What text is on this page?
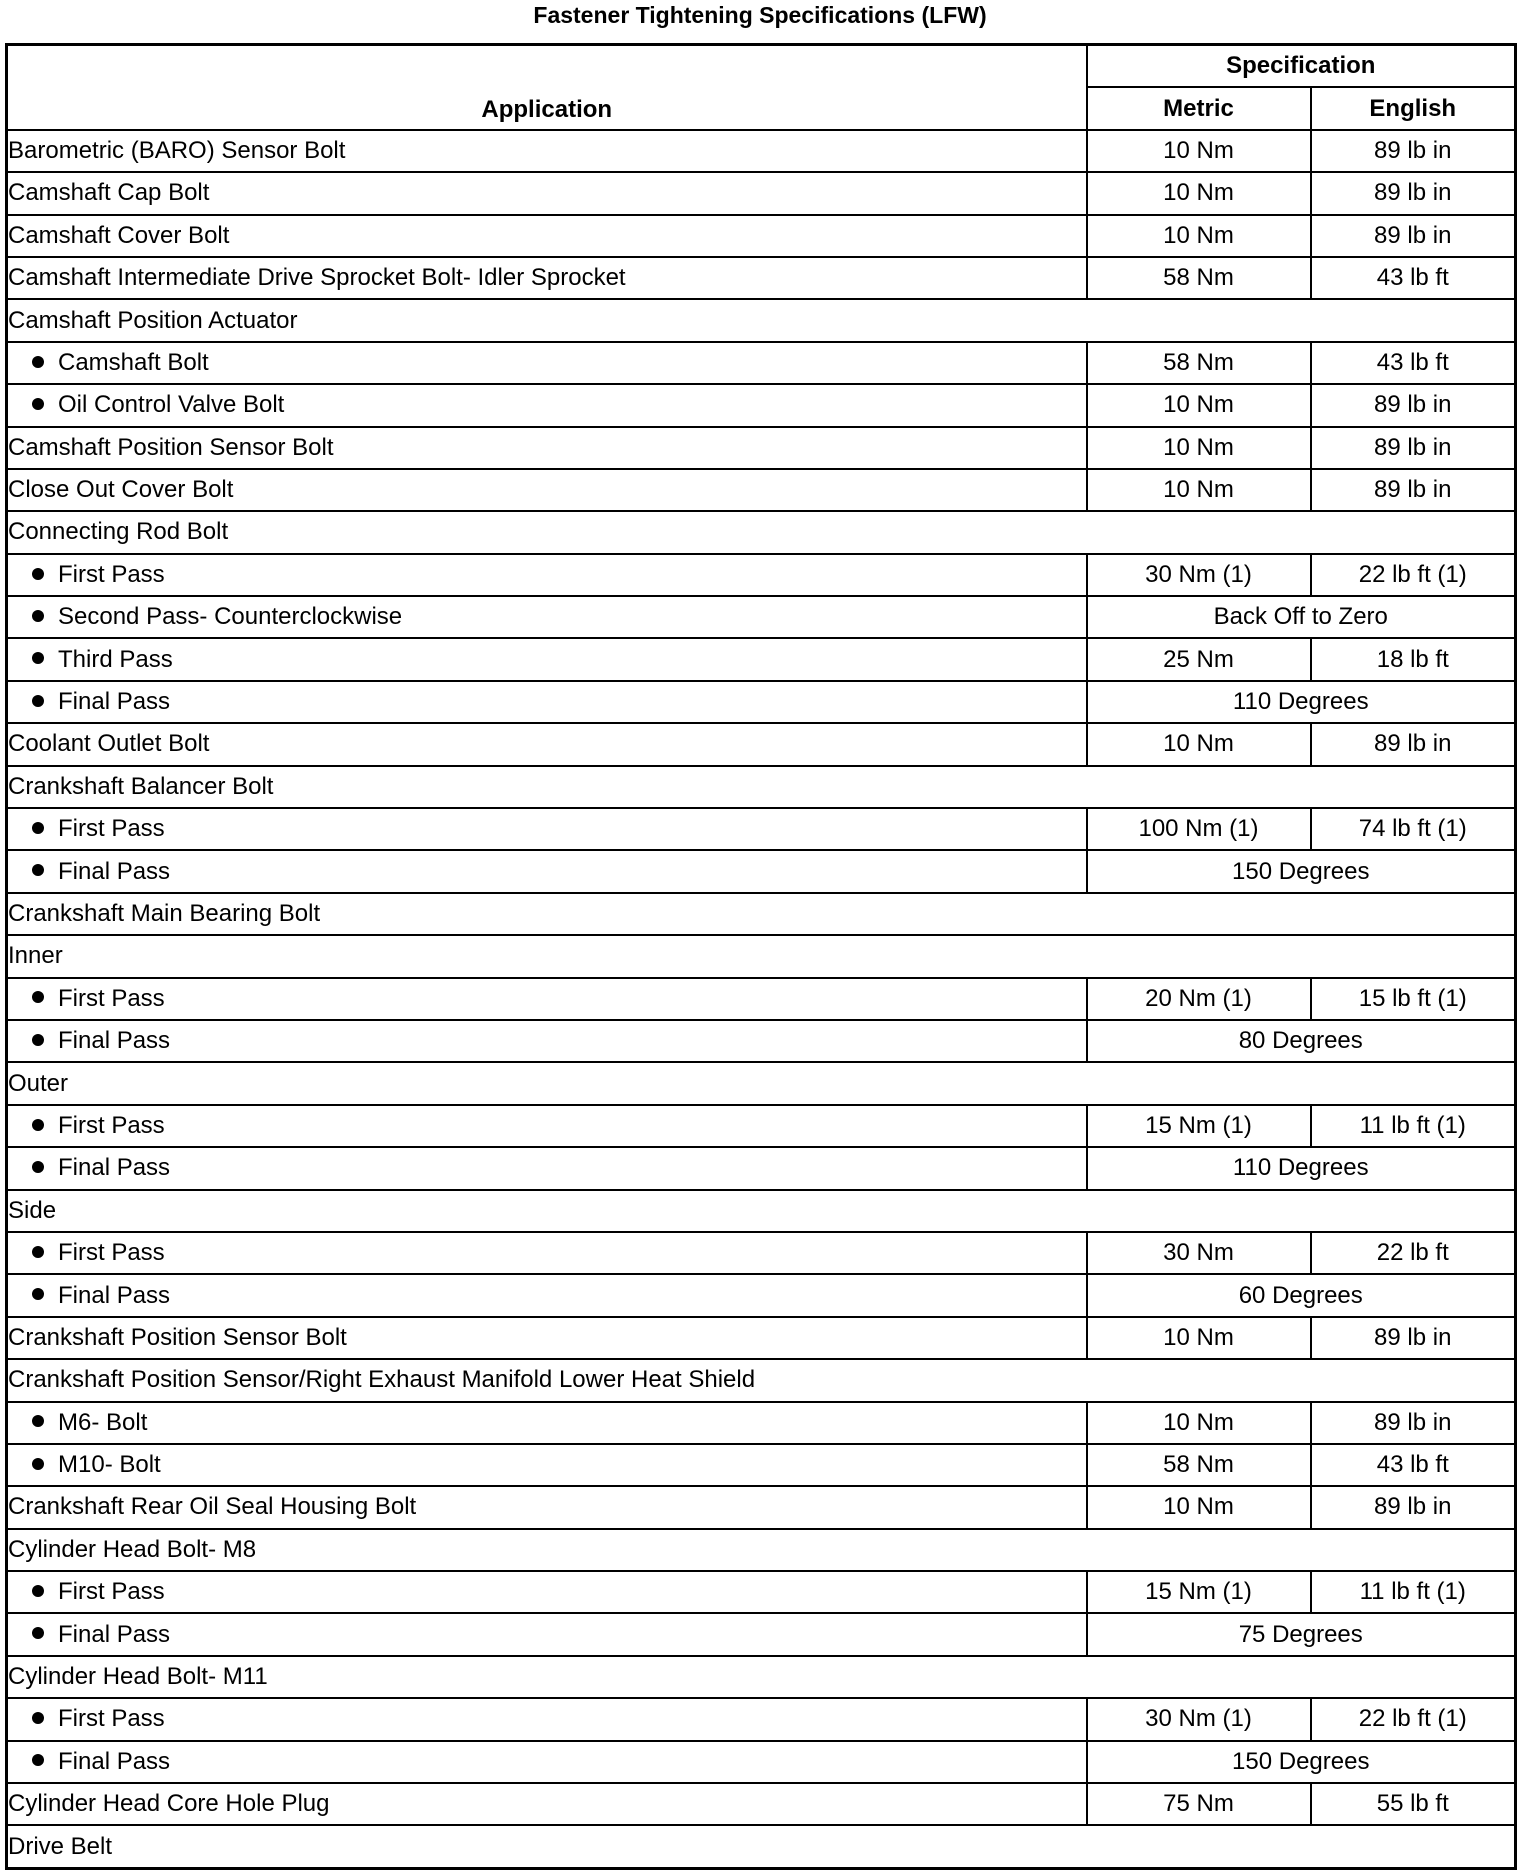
Fastener Tightening Specifications (LFW)
Application	Specification	
	Metric	English
Barometric (BARO) Sensor Bolt	10 Nm	89 lb in
Camshaft Cap Bolt	10 Nm	89 lb in
Camshaft Cover Bolt	10 Nm	89 lb in
Camshaft Intermediate Drive Sprocket Bolt- Idler Sprocket	58 Nm	43 lb ft
Camshaft Position Actuator		
Camshaft Bolt	58 Nm	43 lb ft
Oil Control Valve Bolt	10 Nm	89 lb in
Camshaft Position Sensor Bolt	10 Nm	89 lb in
Close Out Cover Bolt	10 Nm	89 lb in
Connecting Rod Bolt		
First Pass	30 Nm (1)	22 lb ft (1)
Second Pass- Counterclockwise	Back Off to Zero	
Third Pass	25 Nm	18 lb ft
Final Pass	110 Degrees	
Coolant Outlet Bolt	10 Nm	89 lb in
Crankshaft Balancer Bolt		
First Pass	100 Nm (1)	74 lb ft (1)
Final Pass	150 Degrees	
Crankshaft Main Bearing Bolt		
Inner		
First Pass	20 Nm (1)	15 lb ft (1)
Final Pass	80 Degrees	
Outer		
First Pass	15 Nm (1)	11 lb ft (1)
Final Pass	110 Degrees	
Side		
First Pass	30 Nm	22 lb ft
Final Pass	60 Degrees	
Crankshaft Position Sensor Bolt	10 Nm	89 lb in
Crankshaft Position Sensor/Right Exhaust Manifold Lower Heat Shield		
M6- Bolt	10 Nm	89 lb in
M10- Bolt	58 Nm	43 lb ft
Crankshaft Rear Oil Seal Housing Bolt	10 Nm	89 lb in
Cylinder Head Bolt- M8		
First Pass	15 Nm (1)	11 lb ft (1)
Final Pass	75 Degrees	
Cylinder Head Bolt- M11		
First Pass	30 Nm (1)	22 lb ft (1)
Final Pass	150 Degrees	
Cylinder Head Core Hole Plug	75 Nm	55 lb ft
Drive Belt		
